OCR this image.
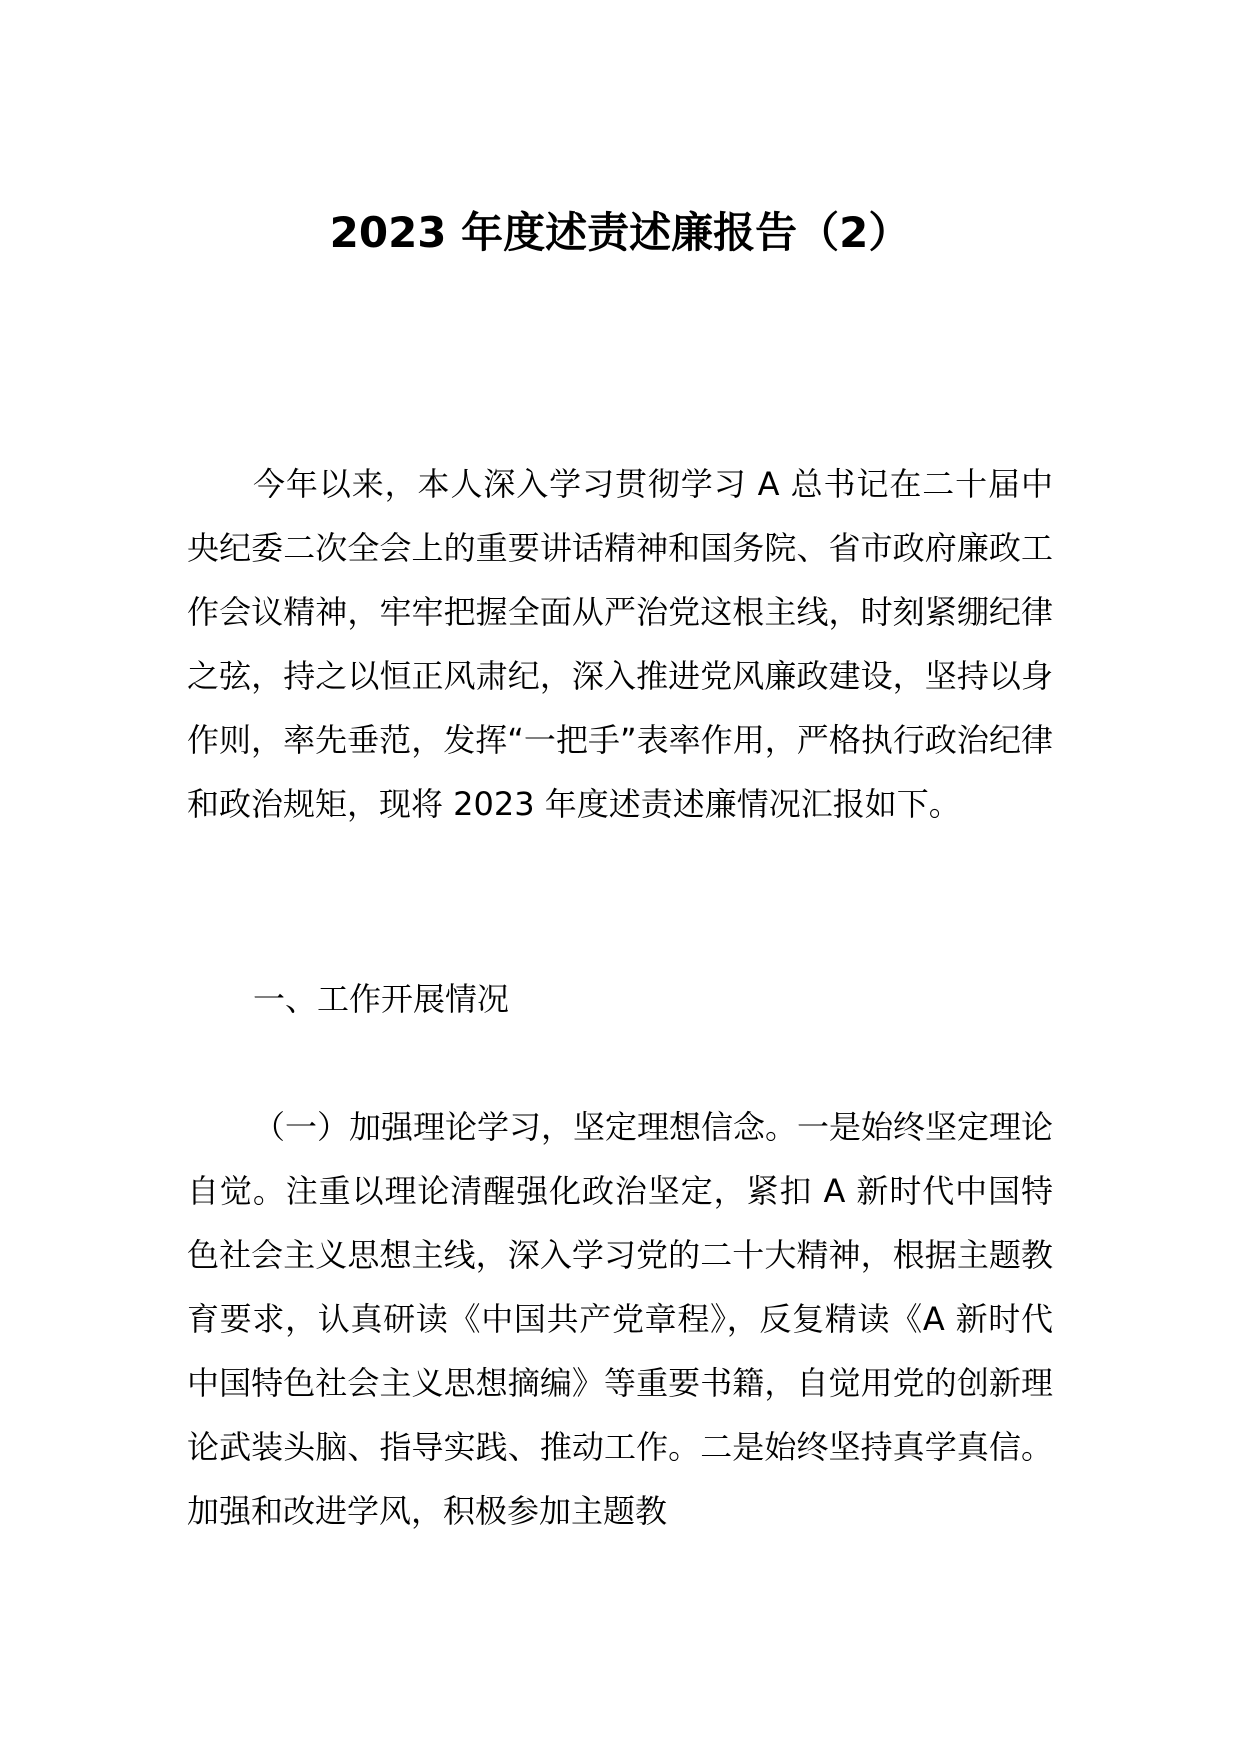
2023 年度述责述廉报告（2）
今年以来，本人深入学习贯彻学习 A 总书记在二十届中央纪委二次全会上的重要讲话精神和国务院、省市政府廉政工作会议精神，牢牢把握全面从严治党这根主线，时刻紧绷纪律之弦，持之以恒正风肃纪，深入推进党风廉政建设，坚持以身作则，率先垂范，发挥“一把手”表率作用，严格执行政治纪律和政治规矩，现将 2023 年度述责述廉情况汇报如下。
一、工作开展情况
（一）加强理论学习，坚定理想信念。一是始终坚定理论自觉。注重以理论清醒强化政治坚定，紧扣 A 新时代中国特色社会主义思想主线，深入学习党的二十大精神，根据主题教育要求，认真研读《中国共产党章程》，反复精读《A 新时代中国特色社会主义思想摘编》等重要书籍，自觉用党的创新理论武装头脑、指导实践、推动工作。二是始终坚持真学真信。加强和改进学风，积极参加主题教
